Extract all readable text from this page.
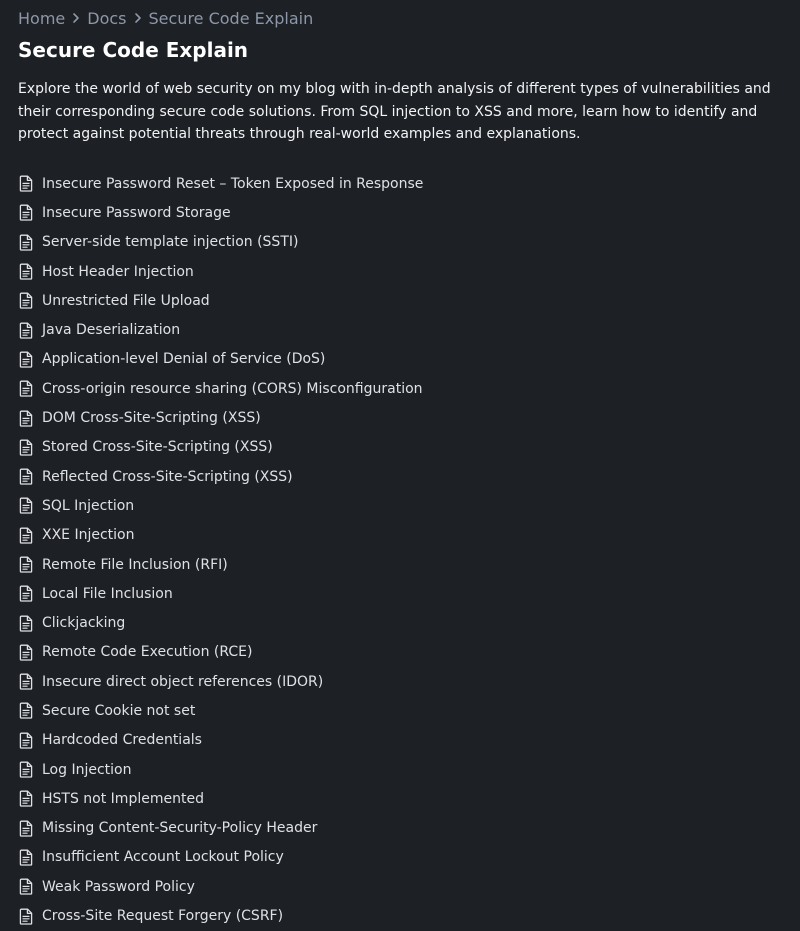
Home Docs Secure Code Explain
Secure Code Explain

Explore the world of web security on my blog with in-depth analysis of different types of vulnerabilities and their corresponding secure code solutions. From SQL injection to XSS and more, learn how to identify and protect against potential threats through real-world examples and explanations.

Insecure Password Reset – Token Exposed in Response
Insecure Password Storage
Server-side template injection (SSTI)
Host Header Injection
Unrestricted File Upload
Java Deserialization
Application-level Denial of Service (DoS)
Cross-origin resource sharing (CORS) Misconfiguration
DOM Cross-Site-Scripting (XSS)
Stored Cross-Site-Scripting (XSS)
Reflected Cross-Site-Scripting (XSS)
SQL Injection
XXE Injection
Remote File Inclusion (RFI)
Local File Inclusion
Clickjacking
Remote Code Execution (RCE)
Insecure direct object references (IDOR)
Secure Cookie not set
Hardcoded Credentials
Log Injection
HSTS not Implemented
Missing Content-Security-Policy Header
Insufficient Account Lockout Policy
Weak Password Policy
Cross-Site Request Forgery (CSRF)
